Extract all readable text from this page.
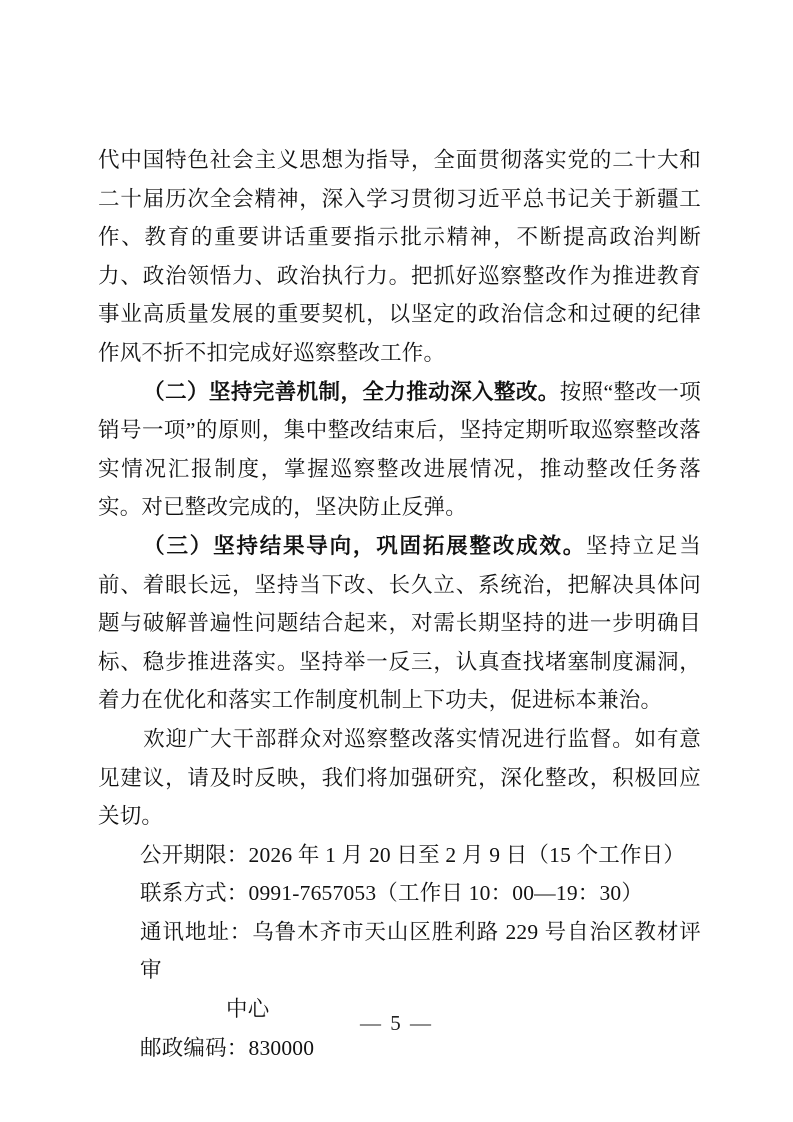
代中国特色社会主义思想为指导，全面贯彻落实党的二十大和二十届历次全会精神，深入学习贯彻习近平总书记关于新疆工作、教育的重要讲话重要指示批示精神，不断提高政治判断力、政治领悟力、政治执行力。把抓好巡察整改作为推进教育事业高质量发展的重要契机，以坚定的政治信念和过硬的纪律作风不折不扣完成好巡察整改工作。

（二）坚持完善机制，全力推动深入整改。按照“整改一项销号一项”的原则，集中整改结束后，坚持定期听取巡察整改落实情况汇报制度，掌握巡察整改进展情况，推动整改任务落实。对已整改完成的，坚决防止反弹。

（三）坚持结果导向，巩固拓展整改成效。坚持立足当前、着眼长远，坚持当下改、长久立、系统治，把解决具体问题与破解普遍性问题结合起来，对需长期坚持的进一步明确目标、稳步推进落实。坚持举一反三，认真查找堵塞制度漏洞，着力在优化和落实工作制度机制上下功夫，促进标本兼治。

欢迎广大干部群众对巡察整改落实情况进行监督。如有意见建议，请及时反映，我们将加强研究，深化整改，积极回应关切。

公开期限：2026 年 1 月 20 日至 2 月 9 日（15 个工作日）
联系方式：0991-7657053（工作日 10：00—19：30）
通讯地址：乌鲁木齐市天山区胜利路 229 号自治区教材评审
中心
邮政编码：830000
— 5 —
